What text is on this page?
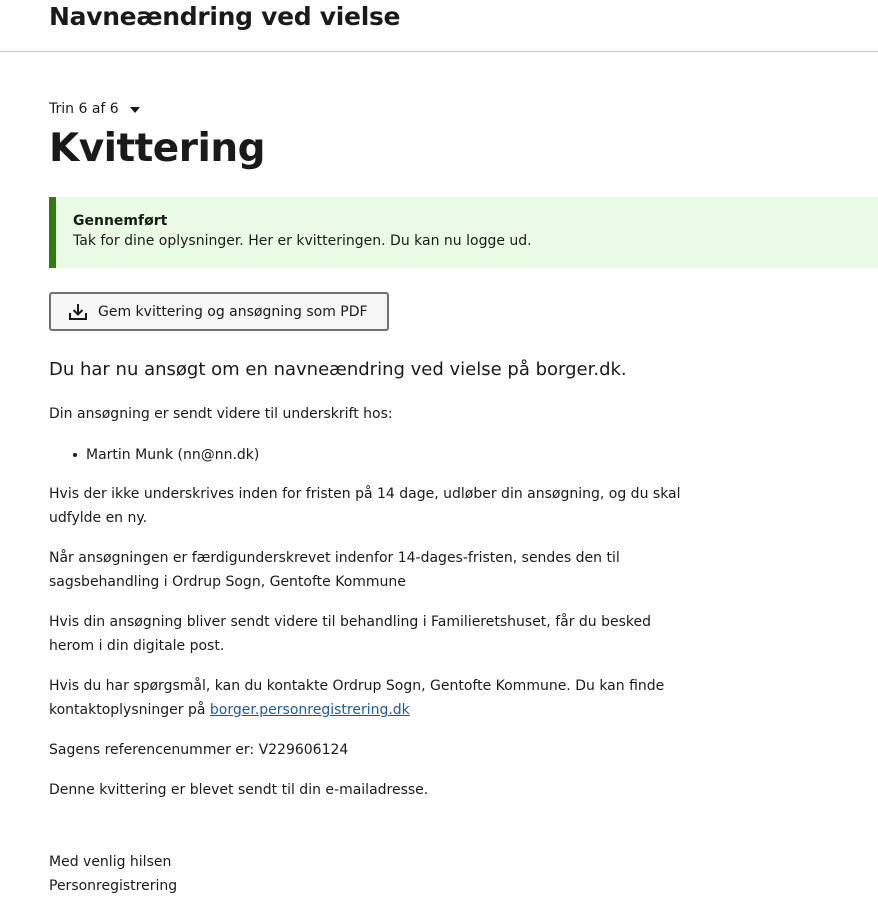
Navneændring ved vielse
Trin 6 af 6
Kvittering
Gennemført
Tak for dine oplysninger. Her er kvitteringen. Du kan nu logge ud.
Gem kvittering og ansøgning som PDF

Du har nu ansøgt om en navneændring ved vielse på borger.dk.

Din ansøgning er sendt videre til underskrift hos:

Martin Munk (nn@nn.dk)

Hvis der ikke underskrives inden for fristen på 14 dage, udløber din ansøgning, og du skal udfylde en ny.

Når ansøgningen er færdigunderskrevet indenfor 14-dages-fristen, sendes den til sagsbehandling i Ordrup Sogn, Gentofte Kommune

Hvis din ansøgning bliver sendt videre til behandling i Familieretshuset, får du besked herom i din digitale post.

Hvis du har spørgsmål, kan du kontakte Ordrup Sogn, Gentofte Kommune. Du kan finde kontaktoplysninger på borger.personregistrering.dk

Sagens referencenummer er: V229606124

Denne kvittering er blevet sendt til din e-mailadresse.

Med venlig hilsen

Personregistrering
